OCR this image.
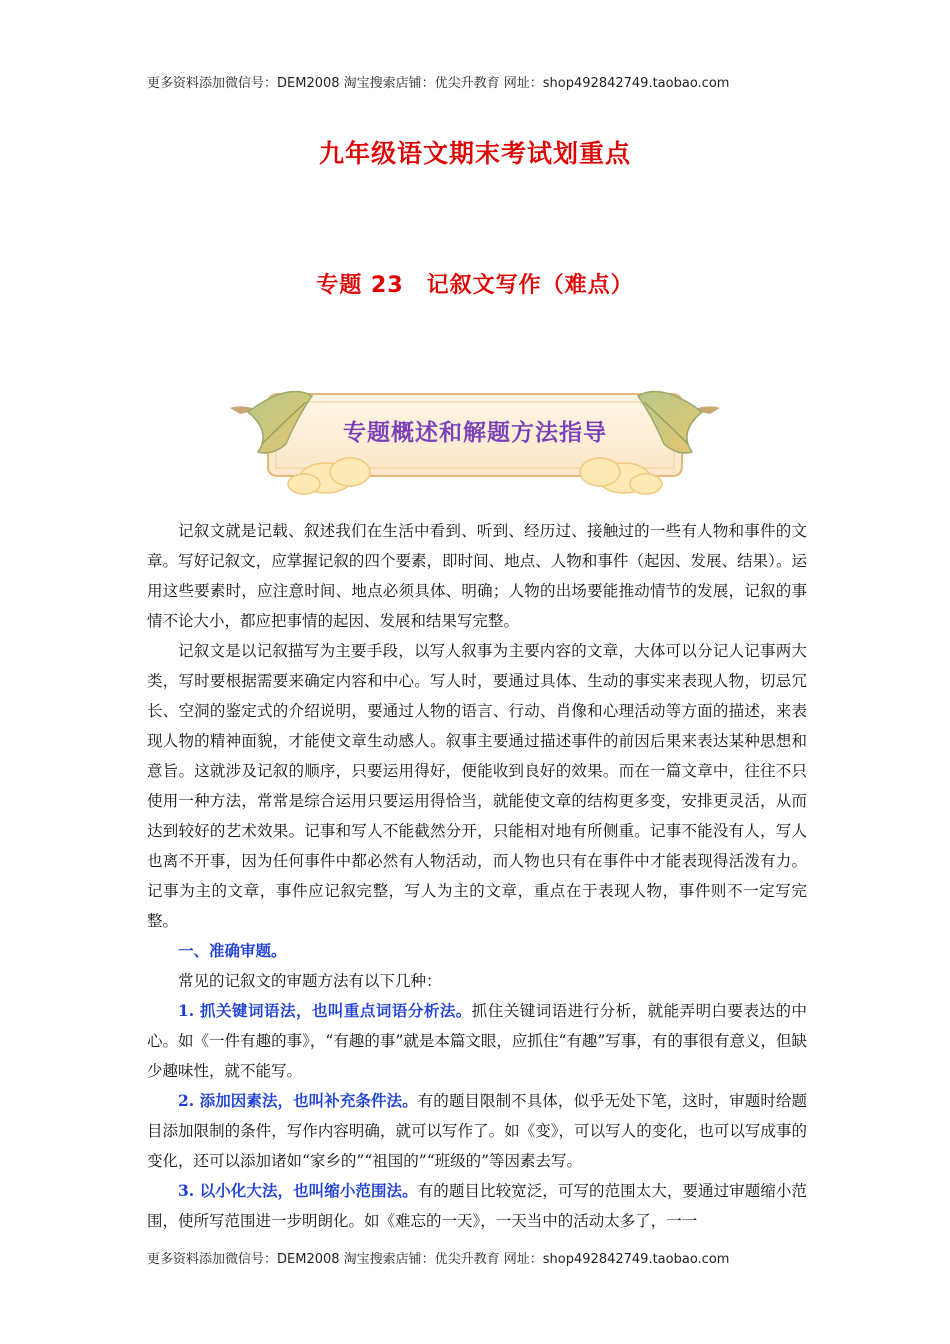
更多资料添加微信号：DEM2008 淘宝搜索店铺：优尖升教育 网址：shop492842749.taobao.com
九年级语文期末考试划重点
专题 23　记叙文写作（难点）
专题概述和解题方法指导

记叙文就是记载、叙述我们在生活中看到、听到、经历过、接触过的一些有人物和事件的文章。写好记叙文，应掌握记叙的四个要素，即时间、地点、人物和事件（起因、发展、结果）。运用这些要素时，应注意时间、地点必须具体、明确；人物的出场要能推动情节的发展，记叙的事情不论大小，都应把事情的起因、发展和结果写完整。

记叙文是以记叙描写为主要手段，以写人叙事为主要内容的文章，大体可以分记人记事两大类，写时要根据需要来确定内容和中心。写人时，要通过具体、生动的事实来表现人物，切忌冗长、空洞的鉴定式的介绍说明，要通过人物的语言、行动、肖像和心理活动等方面的描述，来表现人物的精神面貌，才能使文章生动感人。叙事主要通过描述事件的前因后果来表达某种思想和意旨。这就涉及记叙的顺序，只要运用得好，便能收到良好的效果。而在一篇文章中，往往不只使用一种方法，常常是综合运用只要运用得恰当，就能使文章的结构更多变，安排更灵活，从而达到较好的艺术效果。记事和写人不能截然分开，只能相对地有所侧重。记事不能没有人，写人也离不开事，因为任何事件中都必然有人物活动，而人物也只有在事件中才能表现得活泼有力。记事为主的文章，事件应记叙完整，写人为主的文章，重点在于表现人物，事件则不一定写完整。

一、准确审题。

常见的记叙文的审题方法有以下几种：

1. 抓关键词语法，也叫重点词语分析法。抓住关键词语进行分析，就能弄明白要表达的中心。如《一件有趣的事》，“有趣的事”就是本篇文眼，应抓住“有趣”写事，有的事很有意义，但缺少趣味性，就不能写。

2. 添加因素法，也叫补充条件法。有的题目限制不具体，似乎无处下笔，这时，审题时给题目添加限制的条件，写作内容明确，就可以写作了。如《变》，可以写人的变化，也可以写成事的变化，还可以添加诸如“家乡的”“祖国的”“班级的”等因素去写。

3. 以小化大法，也叫缩小范围法。有的题目比较宽泛，可写的范围太大，要通过审题缩小范围，使所写范围进一步明朗化。如《难忘的一天》，一天当中的活动太多了，一一

更多资料添加微信号：DEM2008 淘宝搜索店铺：优尖升教育 网址：shop492842749.taobao.com
